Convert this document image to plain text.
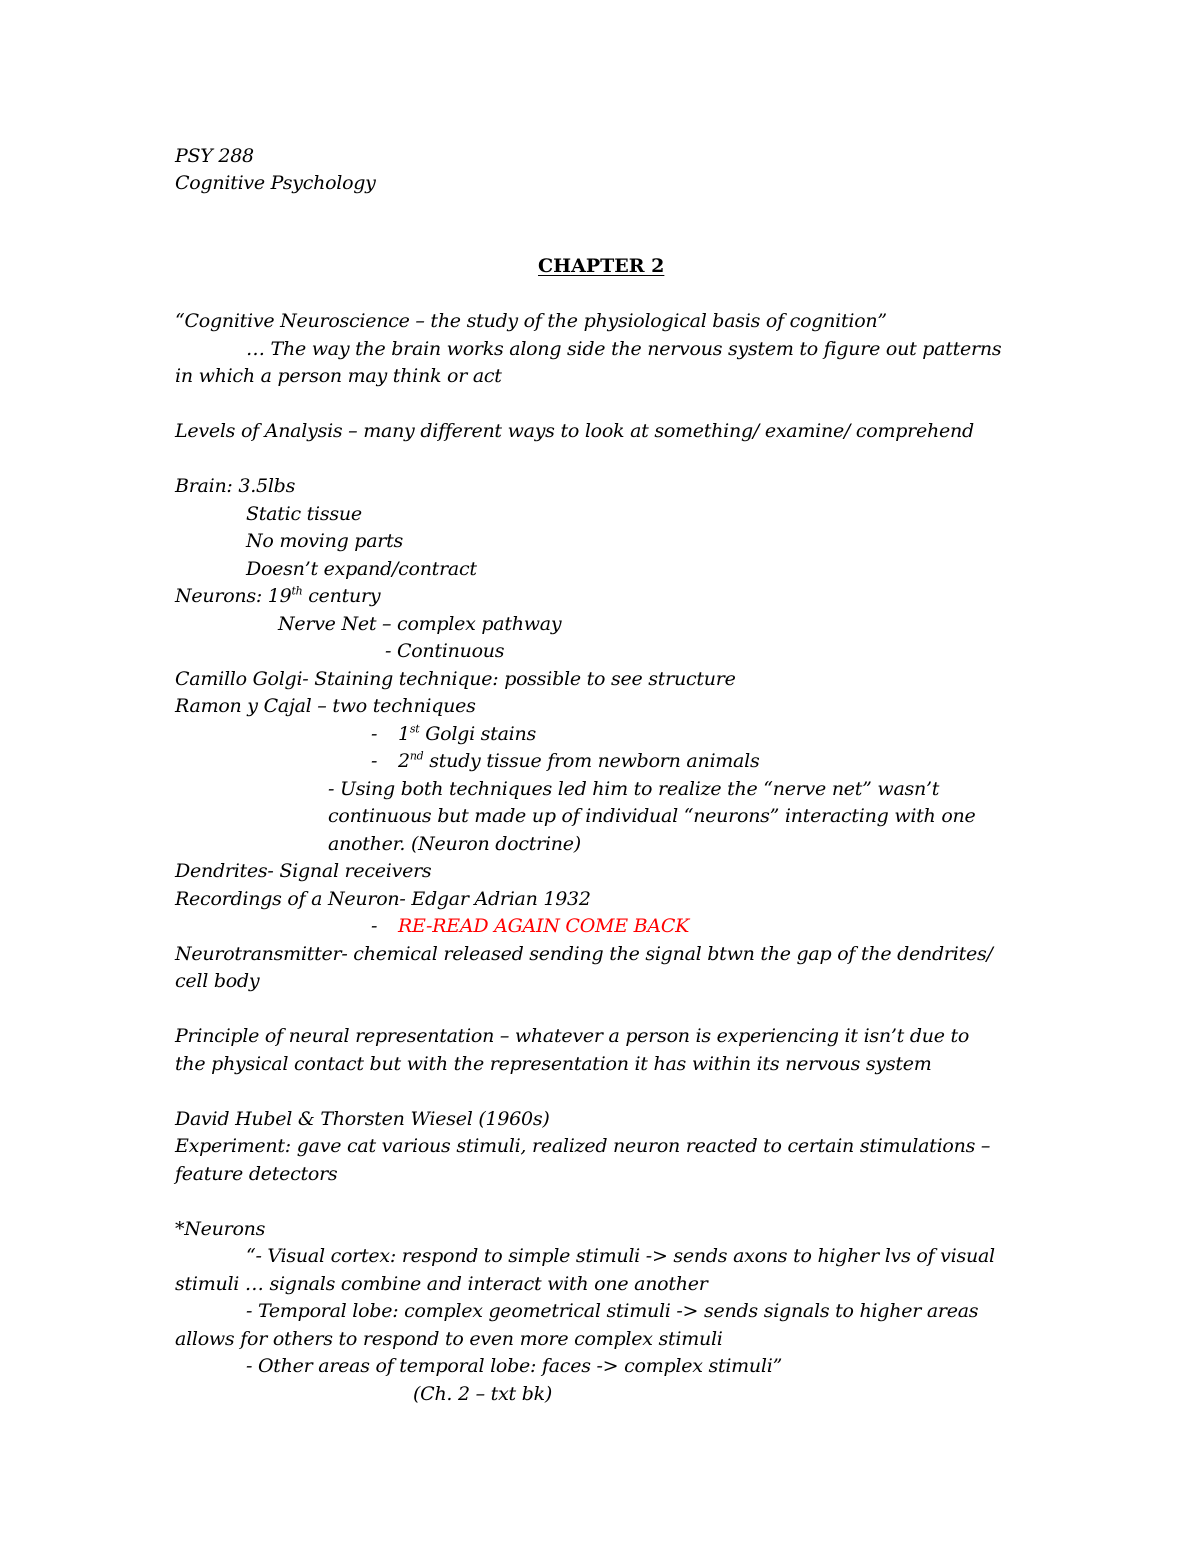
PSY 288
Cognitive Psychology
CHAPTER 2
“Cognitive Neuroscience – the study of the physiological basis of cognition”
… The way the brain works along side the nervous system to figure out patterns
in which a person may think or act
Levels of Analysis – many different ways to look at something/ examine/ comprehend
Brain: 3.5lbs
Static tissue
No moving parts
Doesn’t expand/contract
Neurons: 19th century
Nerve Net – complex pathway
- Continuous
Camillo Golgi- Staining technique: possible to see structure
Ramon y Cajal – two techniques
- 1st Golgi stains
- 2nd study tissue from newborn animals
- Using both techniques led him to realize the “nerve net” wasn’t
continuous but made up of individual “neurons” interacting with one
another. (Neuron doctrine)
Dendrites- Signal receivers
Recordings of a Neuron- Edgar Adrian 1932
- RE-READ AGAIN COME BACK
Neurotransmitter- chemical released sending the signal btwn the gap of the dendrites/
cell body
Principle of neural representation – whatever a person is experiencing it isn’t due to
the physical contact but with the representation it has within its nervous system
David Hubel & Thorsten Wiesel (1960s)
Experiment: gave cat various stimuli, realized neuron reacted to certain stimulations –
feature detectors
*Neurons
“- Visual cortex: respond to simple stimuli -> sends axons to higher lvs of visual
stimuli … signals combine and interact with one another
- Temporal lobe: complex geometrical stimuli -> sends signals to higher areas
allows for others to respond to even more complex stimuli
- Other areas of temporal lobe: faces -> complex stimuli”
(Ch. 2 – txt bk)
